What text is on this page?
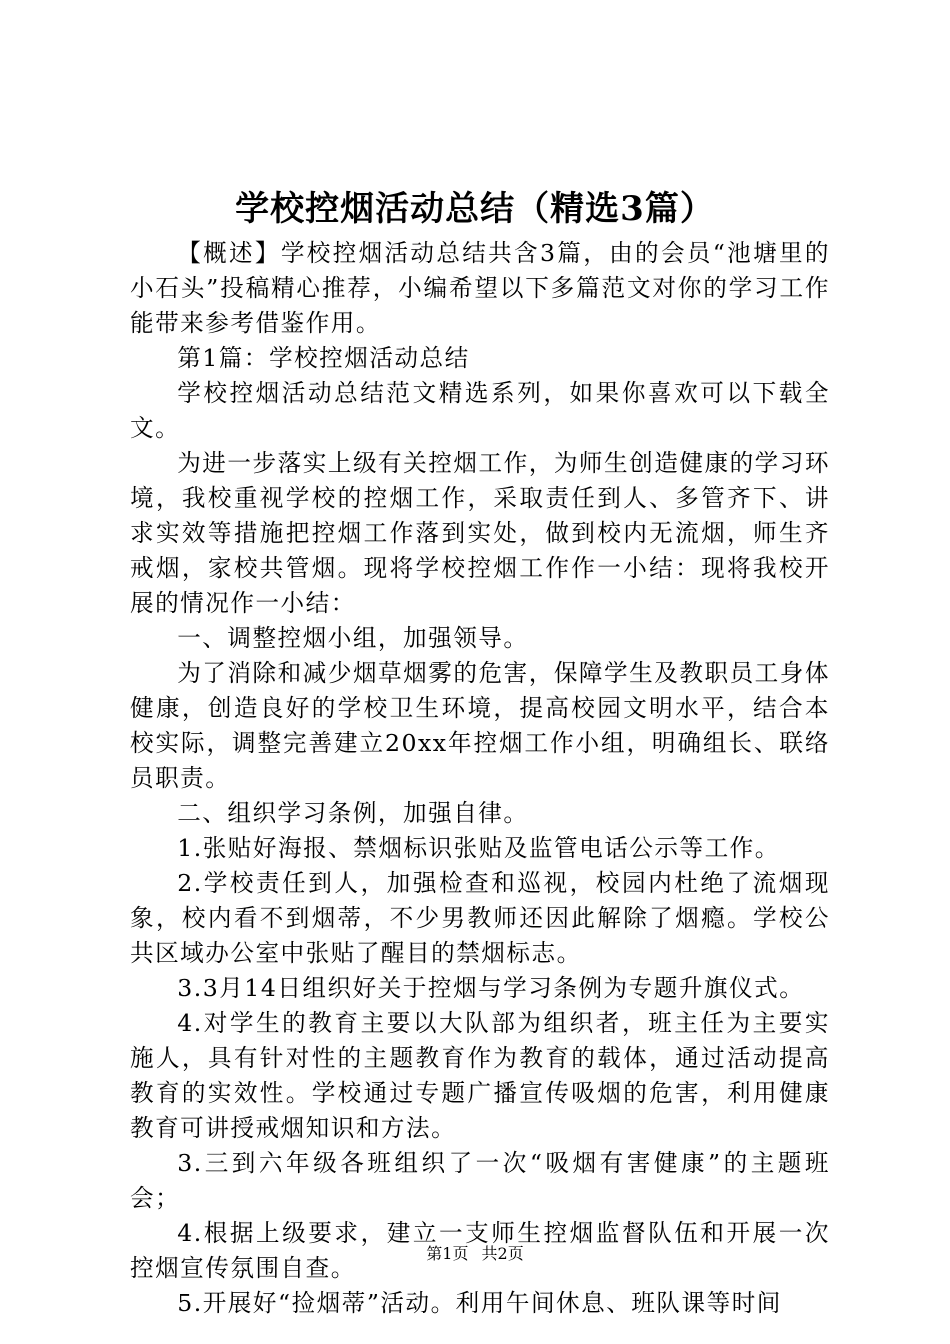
学校控烟活动总结（精选3篇）

【概述】学校控烟活动总结共含3篇，由的会员“池塘里的小石头”投稿精心推荐，小编希望以下多篇范文对你的学习工作能带来参考借鉴作用。

第1篇：学校控烟活动总结

学校控烟活动总结范文精选系列，如果你喜欢可以下载全文。

为进一步落实上级有关控烟工作，为师生创造健康的学习环境，我校重视学校的控烟工作，采取责任到人、多管齐下、讲求实效等措施把控烟工作落到实处，做到校内无流烟，师生齐戒烟，家校共管烟。现将学校控烟工作作一小结：现将我校开展的情况作一小结：

一、调整控烟小组，加强领导。

为了消除和减少烟草烟雾的危害，保障学生及教职员工身体健康，创造良好的学校卫生环境，提高校园文明水平，结合本校实际，调整完善建立20xx年控烟工作小组，明确组长、联络员职责。

二、组织学习条例，加强自律。

1.张贴好海报、禁烟标识张贴及监管电话公示等工作。

2.学校责任到人，加强检查和巡视，校园内杜绝了流烟现象，校内看不到烟蒂，不少男教师还因此解除了烟瘾。学校公共区域办公室中张贴了醒目的禁烟标志。

3.3月14日组织好关于控烟与学习条例为专题升旗仪式。

4.对学生的教育主要以大队部为组织者，班主任为主要实施人，具有针对性的主题教育作为教育的载体，通过活动提高教育的实效性。学校通过专题广播宣传吸烟的危害，利用健康教育可讲授戒烟知识和方法。

3.三到六年级各班组织了一次“吸烟有害健康”的主题班会；

4.根据上级要求，建立一支师生控烟监督队伍和开展一次控烟宣传氛围自查。

5.开展好“捡烟蒂”活动。利用午间休息、班队课等时间

第1页 共2页
